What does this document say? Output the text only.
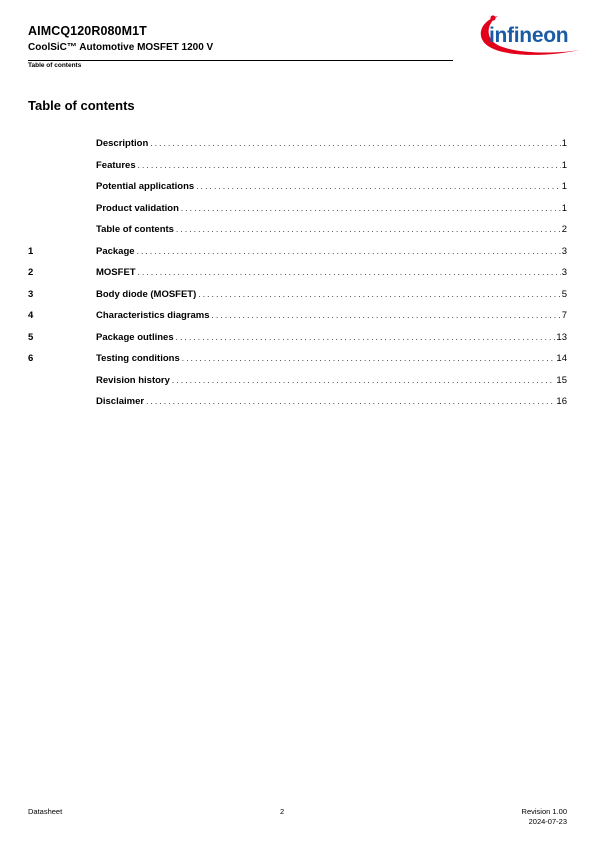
AIMCQ120R080M1T
CoolSiC™ Automotive MOSFET 1200 V
Table of contents
infineon
Table of contents
Description . . .	1
Features . . .	1
Potential applications . . .	1
Product validation . . .	1
Table of contents . . .	2
1	Package . . .	3
2	MOSFET . . .	3
3	Body diode (MOSFET) . . .	5
4	Characteristics diagrams . . .	7
5	Package outlines . . .	13
6	Testing conditions . . .	14
Revision history . . .	15
Disclaimer . . .	16
Datasheet	2	Revision 1.00
2024-07-23
